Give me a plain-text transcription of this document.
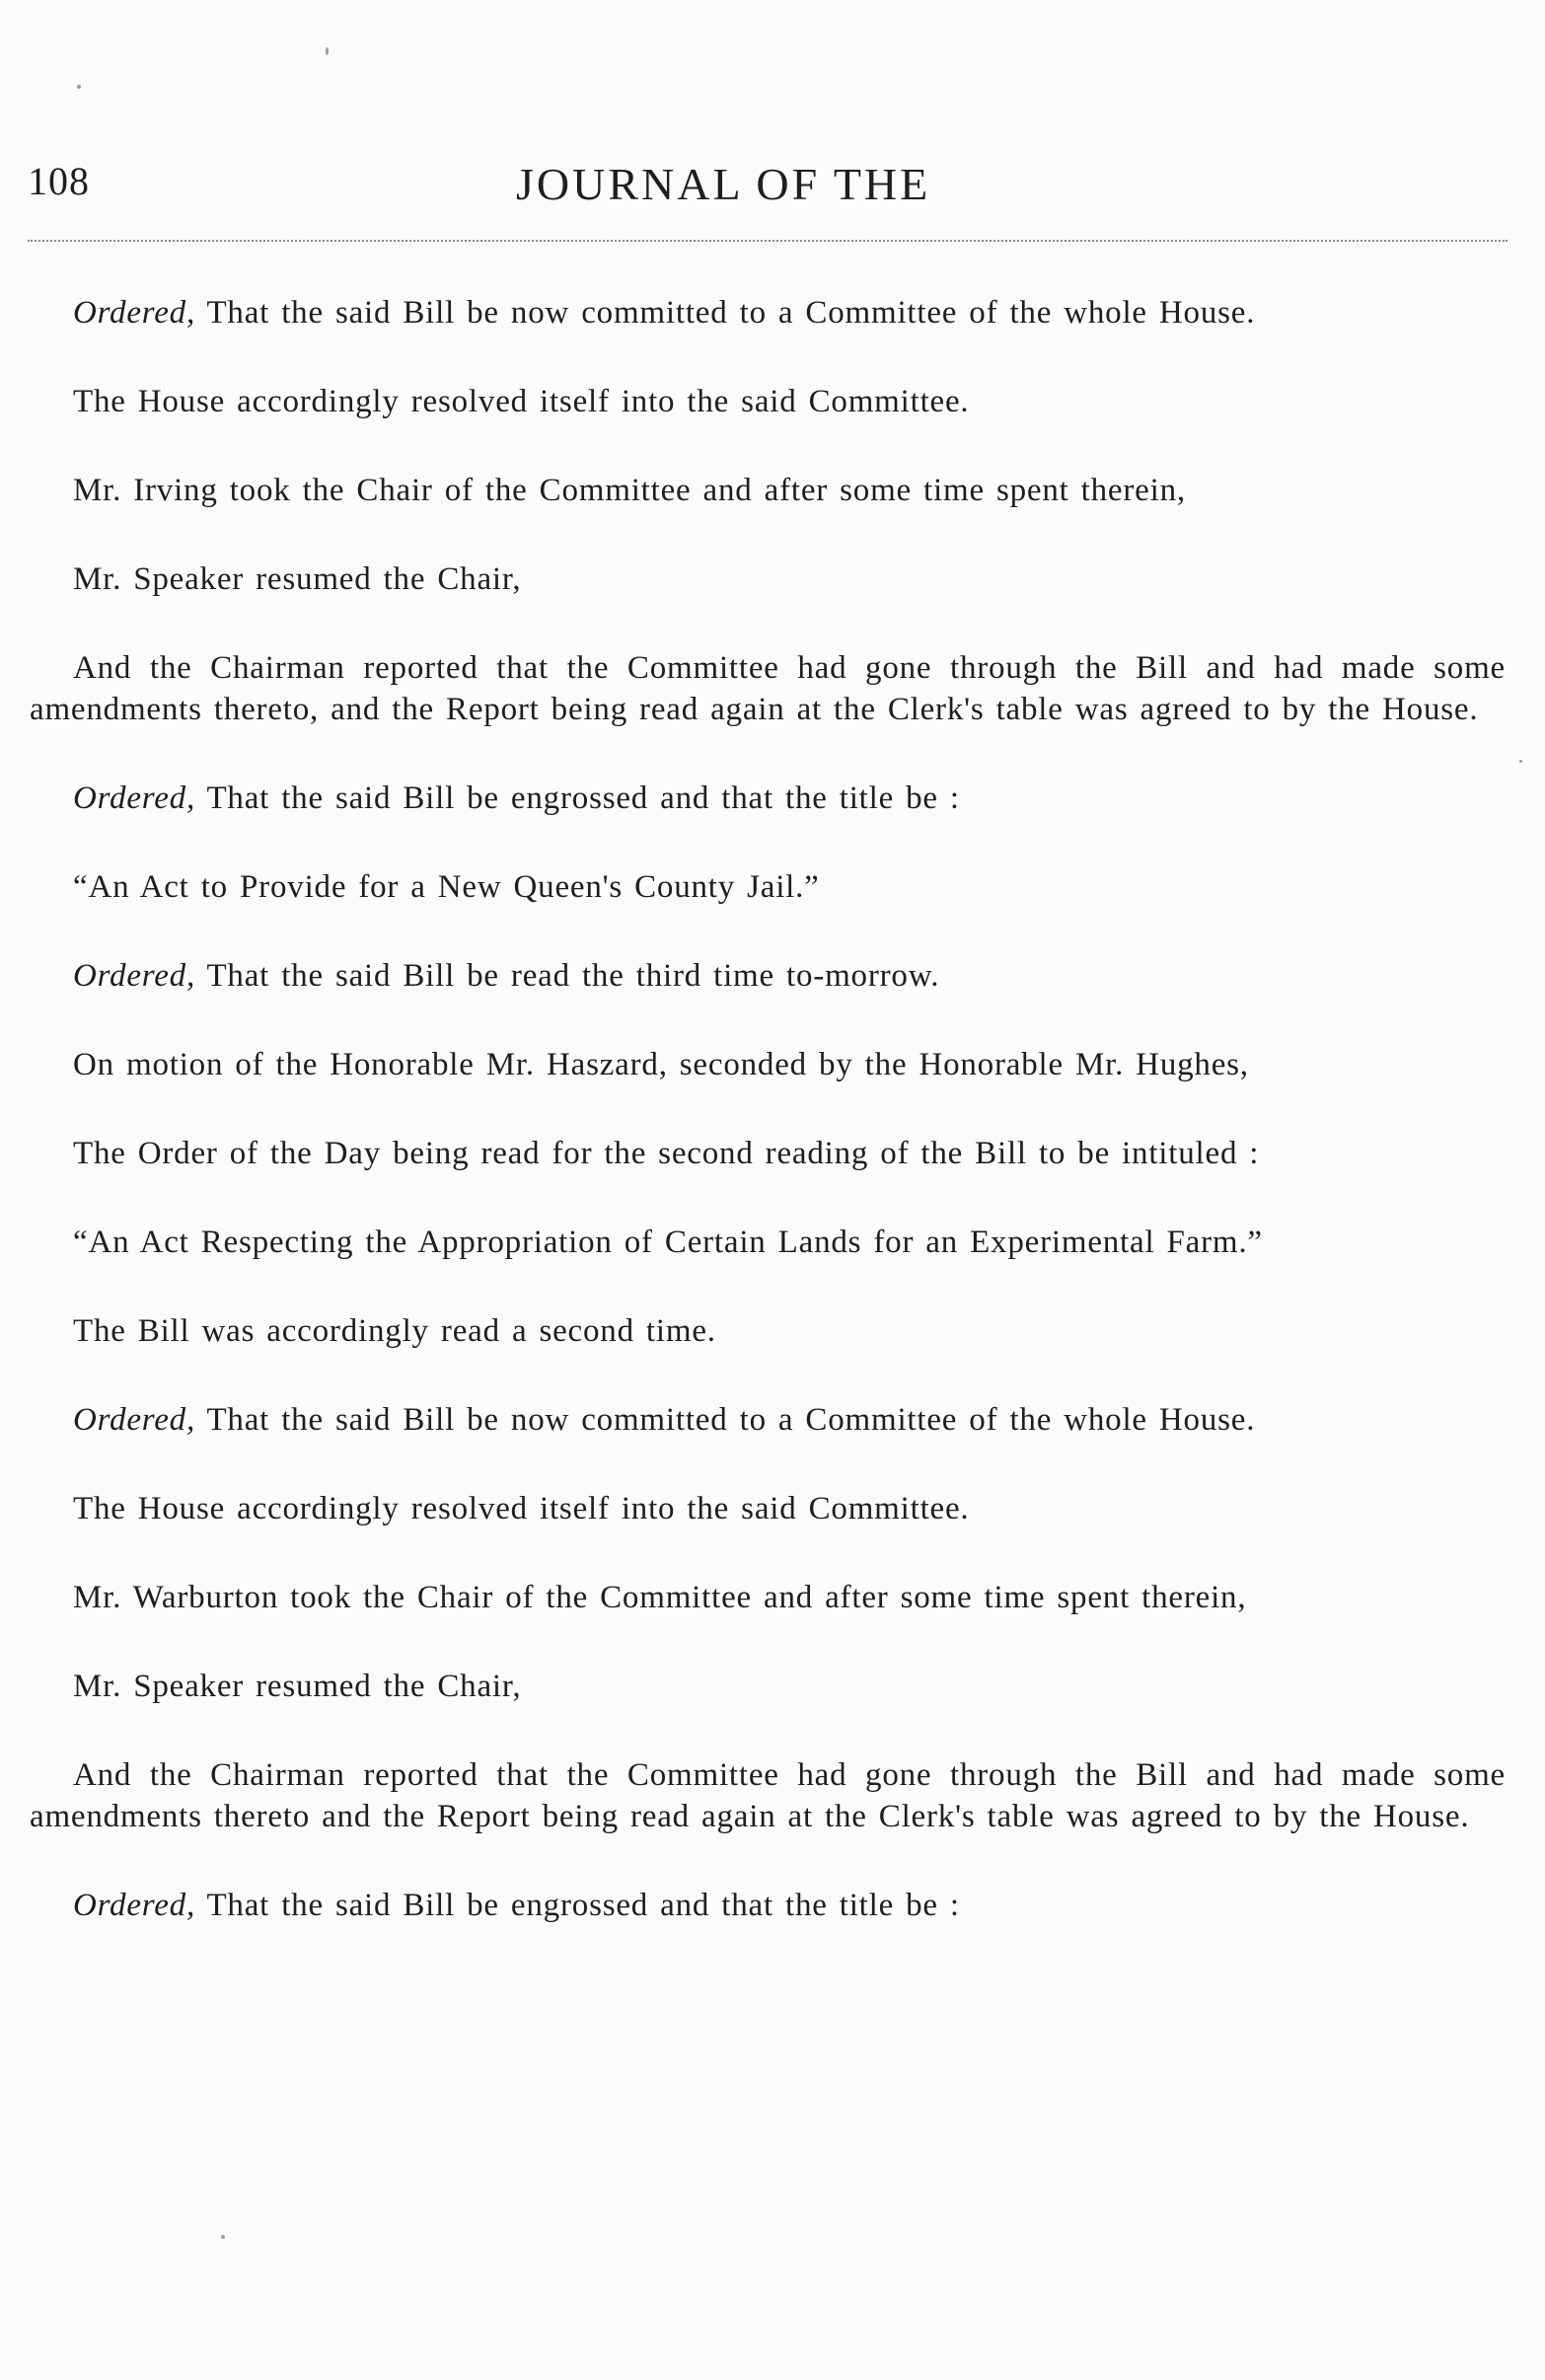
108	JOURNAL OF THE

Ordered, That the said Bill be now committed to a Committee of the whole House.

The House accordingly resolved itself into the said Committee.

Mr. Irving took the Chair of the Committee and after some time spent therein,

Mr. Speaker resumed the Chair,

And the Chairman reported that the Committee had gone through the Bill and had made some amendments thereto, and the Report being read again at the Clerk's table was agreed to by the House.

Ordered, That the said Bill be engrossed and that the title be :

“An Act to Provide for a New Queen's County Jail.”

Ordered, That the said Bill be read the third time to-morrow.

On motion of the Honorable Mr. Haszard, seconded by the Honorable Mr. Hughes,

The Order of the Day being read for the second reading of the Bill to be intituled :

“An Act Respecting the Appropriation of Certain Lands for an Experimental Farm.”

The Bill was accordingly read a second time.

Ordered, That the said Bill be now committed to a Committee of the whole House.

The House accordingly resolved itself into the said Committee.

Mr. Warburton took the Chair of the Committee and after some time spent therein,

Mr. Speaker resumed the Chair,

And the Chairman reported that the Committee had gone through the Bill and had made some amendments thereto and the Report being read again at the Clerk's table was agreed to by the House.

Ordered, That the said Bill be engrossed and that the title be :
